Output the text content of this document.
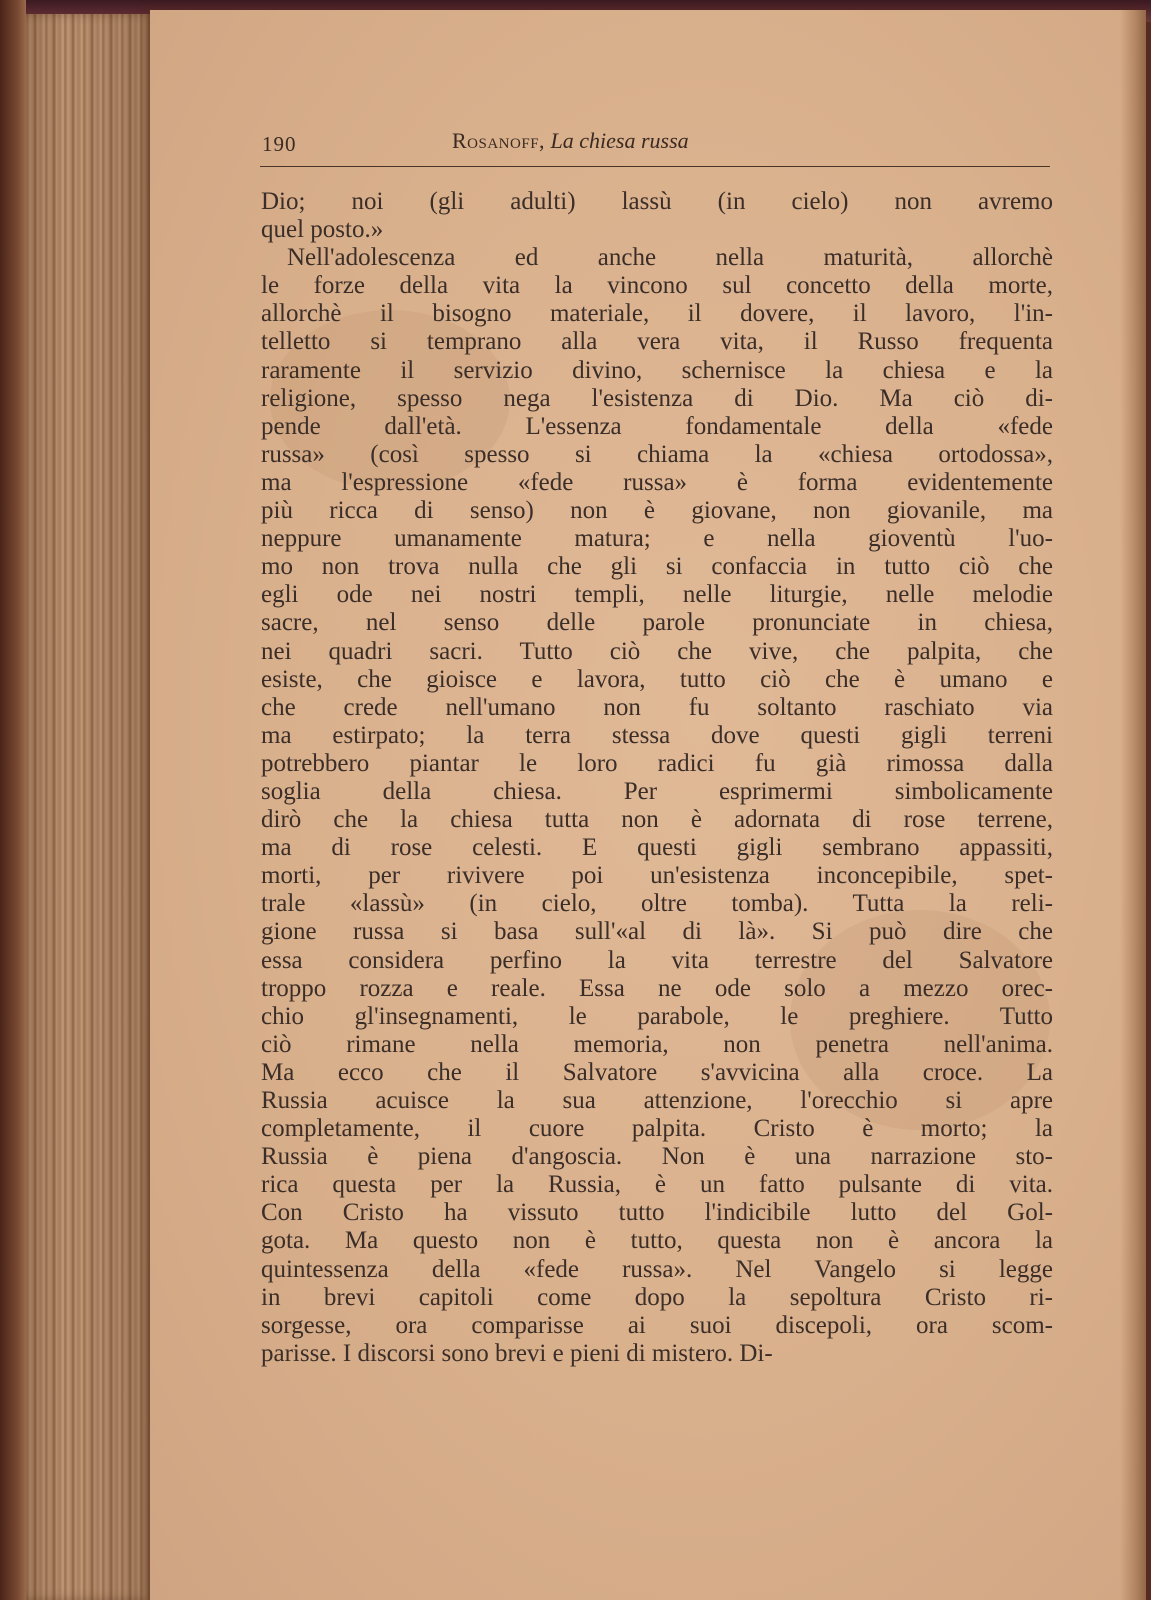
190	Rosanoff, La chiesa russa
Dio; noi (gli adulti) lassù (in cielo) non avremo
quel posto.»
Nell'adolescenza ed anche nella maturità, allorchè
le forze della vita la vincono sul concetto della morte,
allorchè il bisogno materiale, il dovere, il lavoro, l'in-
telletto si temprano alla vera vita, il Russo frequenta
raramente il servizio divino, schernisce la chiesa e la
religione, spesso nega l'esistenza di Dio. Ma ciò di-
pende dall'età. L'essenza fondamentale della «fede
russa» (così spesso si chiama la «chiesa ortodossa»,
ma l'espressione «fede russa» è forma evidentemente
più ricca di senso) non è giovane, non giovanile, ma
neppure umanamente matura; e nella gioventù l'uo-
mo non trova nulla che gli si confaccia in tutto ciò che
egli ode nei nostri templi, nelle liturgie, nelle melodie
sacre, nel senso delle parole pronunciate in chiesa,
nei quadri sacri. Tutto ciò che vive, che palpita, che
esiste, che gioisce e lavora, tutto ciò che è umano e
che crede nell'umano non fu soltanto raschiato via
ma estirpato; la terra stessa dove questi gigli terreni
potrebbero piantar le loro radici fu già rimossa dalla
soglia della chiesa. Per esprimermi simbolicamente
dirò che la chiesa tutta non è adornata di rose terrene,
ma di rose celesti. E questi gigli sembrano appassiti,
morti, per rivivere poi un'esistenza inconcepibile, spet-
trale «lassù» (in cielo, oltre tomba). Tutta la reli-
gione russa si basa sull'«al di là». Si può dire che
essa considera perfino la vita terrestre del Salvatore
troppo rozza e reale. Essa ne ode solo a mezzo orec-
chio gl'insegnamenti, le parabole, le preghiere. Tutto
ciò rimane nella memoria, non penetra nell'anima.
Ma ecco che il Salvatore s'avvicina alla croce. La
Russia acuisce la sua attenzione, l'orecchio si apre
completamente, il cuore palpita. Cristo è morto; la
Russia è piena d'angoscia. Non è una narrazione sto-
rica questa per la Russia, è un fatto pulsante di vita.
Con Cristo ha vissuto tutto l'indicibile lutto del Gol-
gota. Ma questo non è tutto, questa non è ancora la
quintessenza della «fede russa». Nel Vangelo si legge
in brevi capitoli come dopo la sepoltura Cristo ri-
sorgesse, ora comparisse ai suoi discepoli, ora scom-
parisse. I discorsi sono brevi e pieni di mistero. Di-
